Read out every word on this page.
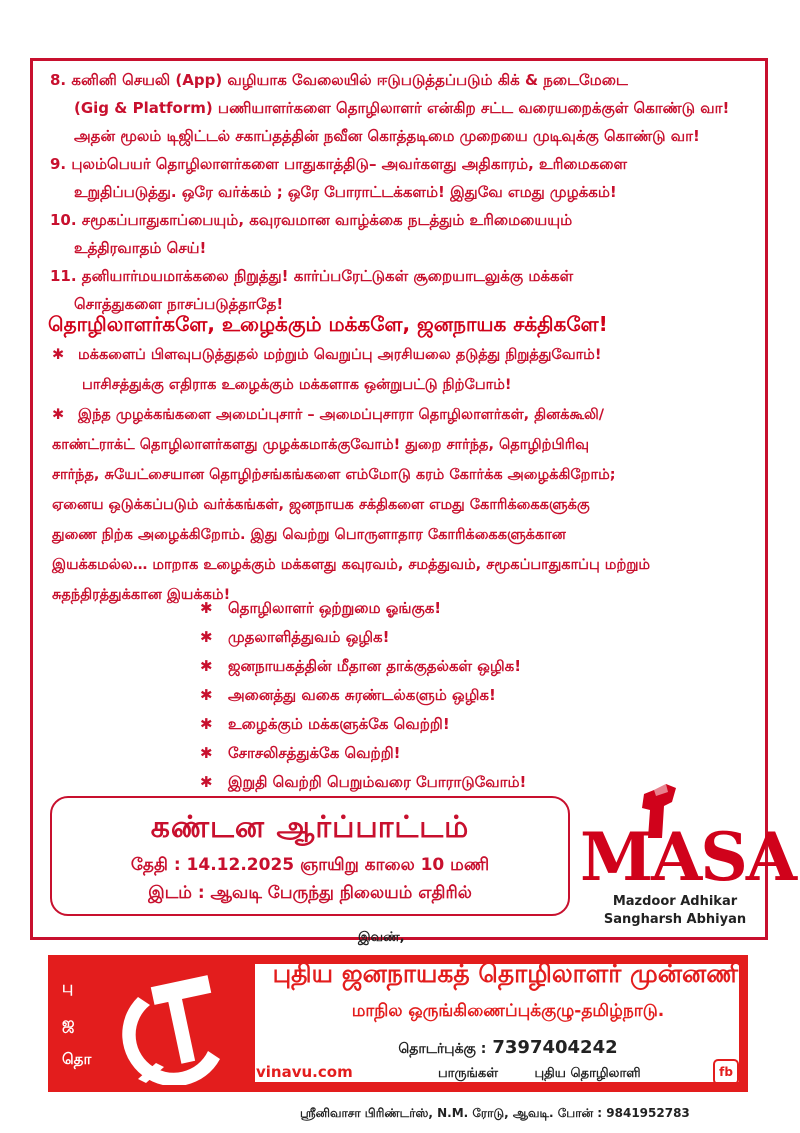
8. கனினி செயலி (App) வழியாக வேலையில் ஈடுபடுத்தப்படும் கிக் & நடைமேடை
(Gig & Platform) பணியாளர்களை தொழிலாளர் என்கிற சட்ட வரையறைக்குள் கொண்டு வா! அதன் மூலம் டிஜிட்டல் சகாப்தத்தின் நவீன கொத்தடிமை முறையை முடிவுக்கு கொண்டு வா!
9. புலம்பெயர் தொழிலாளர்களை பாதுகாத்திடு– அவர்களது அதிகாரம், உரிமைகளை
உறுதிப்படுத்து. ஒரே வர்க்கம் ; ஒரே போராட்டக்களம்! இதுவே எமது முழக்கம்!
10. சமூகப்பாதுகாப்பையும், கவுரவமான வாழ்க்கை நடத்தும் உரிமையையும்
உத்திரவாதம் செய்!
11. தனியார்மயமாக்கலை நிறுத்து! கார்ப்பரேட்டுகள் சூறையாடலுக்கு மக்கள்
சொத்துகளை நாசப்படுத்தாதே!
தொழிலாளர்களே, உழைக்கும் மக்களே, ஜனநாயக சக்திகளே!
✱ மக்களைப் பிளவுபடுத்துதல் மற்றும் வெறுப்பு அரசியலை தடுத்து நிறுத்துவோம்!
பாசிசத்துக்கு எதிராக உழைக்கும் மக்களாக ஒன்றுபட்டு நிற்போம்!
✱ இந்த முழக்கங்களை அமைப்புசார் – அமைப்புசாரா தொழிலாளர்கள், தினக்கூலி/
காண்ட்ராக்ட் தொழிலாளர்களது முழக்கமாக்குவோம்! துறை சார்ந்த, தொழிற்பிரிவு
சார்ந்த, சுயேட்சையான தொழிற்சங்கங்களை எம்மோடு கரம் கோர்க்க அழைக்கிறோம்;
ஏனைய ஒடுக்கப்படும் வர்க்கங்கள், ஜனநாயக சக்திகளை எமது கோரிக்கைகளுக்கு
துணை நிற்க அழைக்கிறோம். இது வெற்று பொருளாதார கோரிக்கைகளுக்கான
இயக்கமல்ல… மாறாக உழைக்கும் மக்களது கவுரவம், சமத்துவம், சமூகப்பாதுகாப்பு மற்றும்
சுதந்திரத்துக்கான இயக்கம்!
✱ தொழிலாளர் ஒற்றுமை ஓங்குக!
✱ முதலாளித்துவம் ஒழிக!
✱ ஜனநாயகத்தின் மீதான தாக்குதல்கள் ஒழிக!
✱ அனைத்து வகை சுரண்டல்களும் ஒழிக!
✱ உழைக்கும் மக்களுக்கே வெற்றி!
✱ சோசலிசத்துக்கே வெற்றி!
✱ இறுதி வெற்றி பெறும்வரை போராடுவோம்!
கண்டன ஆர்ப்பாட்டம்
தேதி : 14.12.2025 ஞாயிறு காலை 10 மணி
இடம் : ஆவடி பேருந்து நிலையம் எதிரில்	MASA
Mazdoor Adhikar
Sangharsh Abhiyan
இவண்,
பு
ஜ
தொ
மு
புதிய ஜனநாயகத் தொழிலாளர் முன்னணி
மாநில ஒருங்கிணைப்புக்குழு-தமிழ்நாடு.
தொடர்புக்கு : 7397404242
vinavu.com	பாருங்கள்	புதிய தொழிலாளி	fb
ஸ்ரீனிவாசா பிரிண்டர்ஸ், N.M. ரோடு, ஆவடி. போன் : 9841952783
